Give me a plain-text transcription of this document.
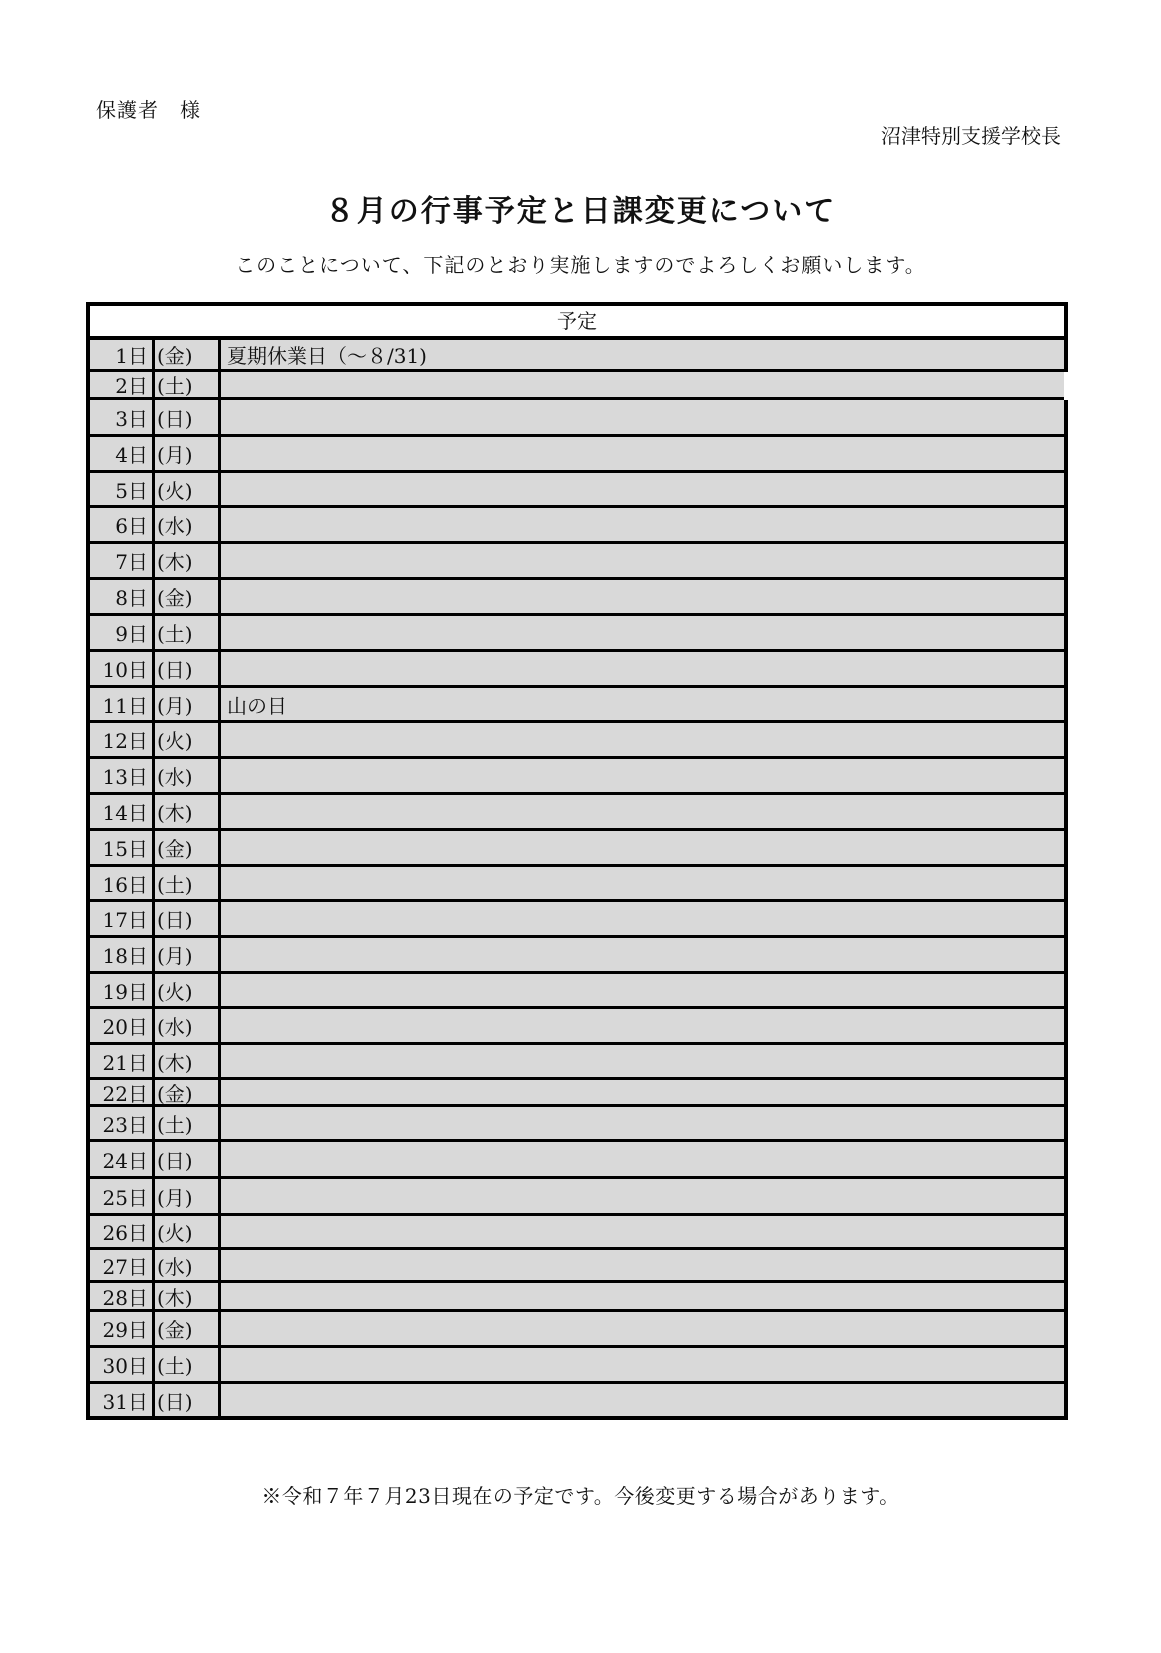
保護者　様
沼津特別支援学校長
８月の行事予定と日課変更について
このことについて、下記のとおり実施しますのでよろしくお願いします。
予定
1日 (金)	夏期休業日（～８/31)
2日 (土)
3日 (日)
4日 (月)
5日 (火)
6日 (水)
7日 (木)
8日 (金)
9日 (土)
10日 (日)
11日 (月)	山の日
12日 (火)
13日 (水)
14日 (木)
15日 (金)
16日 (土)
17日 (日)
18日 (月)
19日 (火)
20日 (水)
21日 (木)
22日 (金)
23日 (土)
24日 (日)
25日 (月)
26日 (火)
27日 (水)
28日 (木)
29日 (金)
30日 (土)
31日 (日)
※令和７年７月23日現在の予定です。今後変更する場合があります。
